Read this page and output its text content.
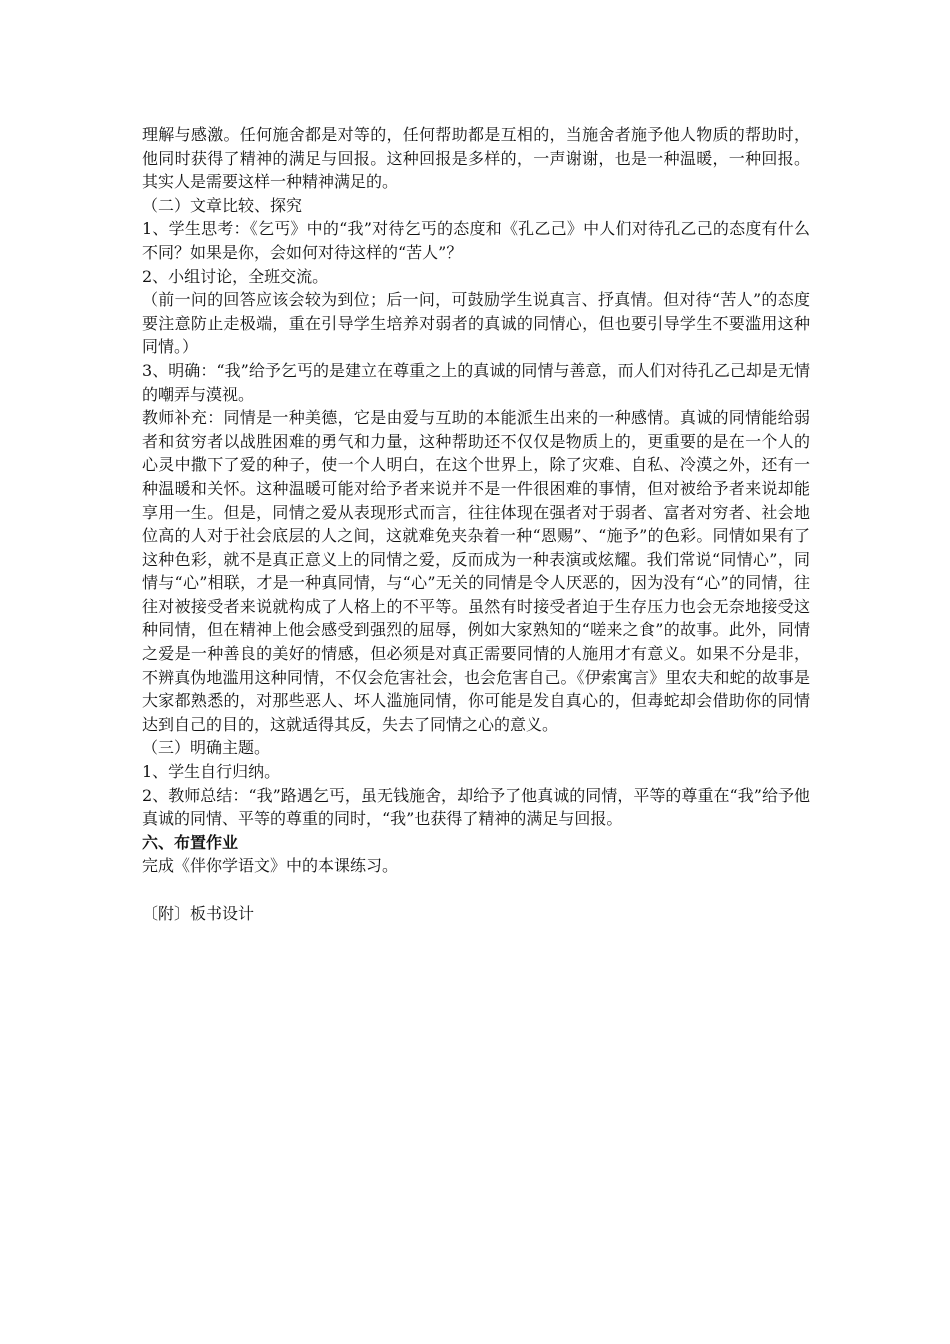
理解与感激。任何施舍都是对等的，任何帮助都是互相的，当施舍者施予他人物质的帮助时，他同时获得了精神的满足与回报。这种回报是多样的，一声谢谢，也是一种温暖，一种回报。其实人是需要这样一种精神满足的。

（二）文章比较、探究

1、学生思考：《乞丐》中的“我”对待乞丐的态度和《孔乙己》中人们对待孔乙己的态度有什么不同？如果是你，会如何对待这样的“苦人”？

2、小组讨论，全班交流。

（前一问的回答应该会较为到位；后一问，可鼓励学生说真言、抒真情。但对待“苦人”的态度要注意防止走极端，重在引导学生培养对弱者的真诚的同情心，但也要引导学生不要滥用这种同情。）

3、明确：“我”给予乞丐的是建立在尊重之上的真诚的同情与善意，而人们对待孔乙己却是无情的嘲弄与漠视。

教师补充：同情是一种美德，它是由爱与互助的本能派生出来的一种感情。真诚的同情能给弱者和贫穷者以战胜困难的勇气和力量，这种帮助还不仅仅是物质上的，更重要的是在一个人的心灵中撒下了爱的种子，使一个人明白，在这个世界上，除了灾难、自私、冷漠之外，还有一种温暖和关怀。这种温暖可能对给予者来说并不是一件很困难的事情，但对被给予者来说却能享用一生。但是，同情之爱从表现形式而言，往往体现在强者对于弱者、富者对穷者、社会地位高的人对于社会底层的人之间，这就难免夹杂着一种“恩赐”、“施予”的色彩。同情如果有了这种色彩，就不是真正意义上的同情之爱，反而成为一种表演或炫耀。我们常说“同情心”，同情与“心”相联，才是一种真同情，与“心”无关的同情是令人厌恶的，因为没有“心”的同情，往往对被接受者来说就构成了人格上的不平等。虽然有时接受者迫于生存压力也会无奈地接受这种同情，但在精神上他会感受到强烈的屈辱，例如大家熟知的“嗟来之食”的故事。此外，同情之爱是一种善良的美好的情感，但必须是对真正需要同情的人施用才有意义。如果不分是非，不辨真伪地滥用这种同情，不仅会危害社会，也会危害自己。《伊索寓言》里农夫和蛇的故事是大家都熟悉的，对那些恶人、坏人滥施同情，你可能是发自真心的，但毒蛇却会借助你的同情达到自己的目的，这就适得其反，失去了同情之心的意义。

（三）明确主题。

1、学生自行归纳。

2、教师总结：“我”路遇乞丐，虽无钱施舍，却给予了他真诚的同情，平等的尊重在“我”给予他真诚的同情、平等的尊重的同时，“我”也获得了精神的满足与回报。

六、布置作业

完成《伴你学语文》中的本课练习。

〔附〕板书设计
